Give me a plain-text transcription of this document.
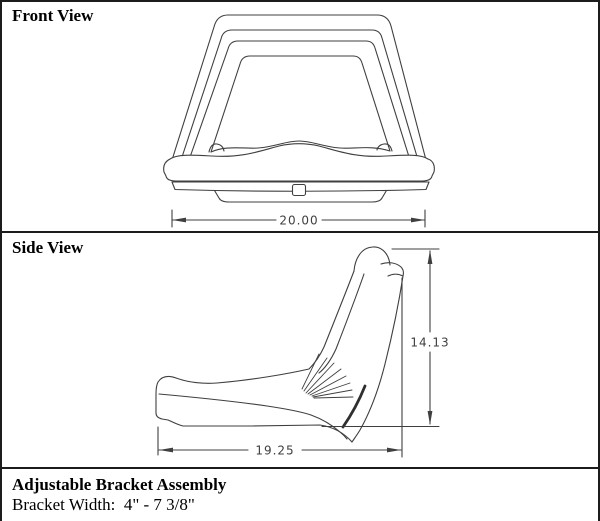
Front View
Side View
Adjustable Bracket Assembly
Bracket Width:  4" - 7 3/8"
20.00
14.13
19.25
